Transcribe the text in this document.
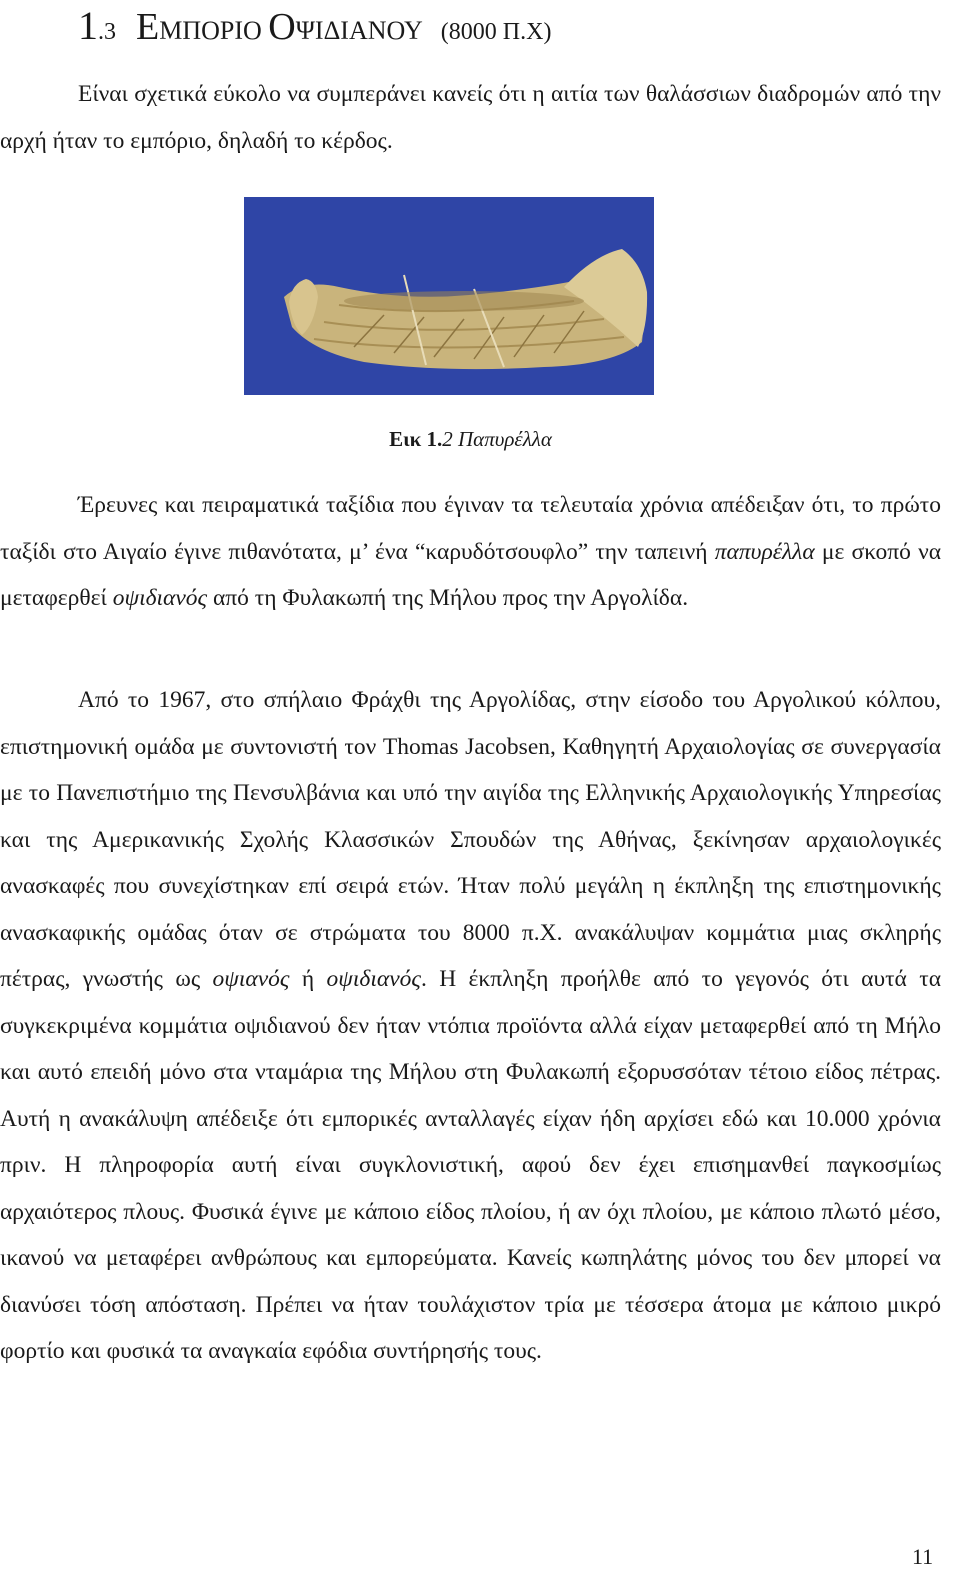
1.3 ΕΜΠΟΡΙΟ ΟΨΙΔΙΑΝΟΥ (8000 Π.Χ)

Είναι σχετικά εύκολο να συμπεράνει κανείς ότι η αιτία των θαλάσσιων διαδρομών από την αρχή ήταν το εμπόριο, δηλαδή το κέρδος.

Εικ 1.2 Παπυρέλλα

Έρευνες και πειραματικά ταξίδια που έγιναν τα τελευταία χρόνια απέδειξαν ότι, το πρώτο ταξίδι στο Αιγαίο έγινε πιθανότατα, μ’ ένα “καρυδότσουφλο” την ταπεινή παπυρέλλα με σκοπό να μεταφερθεί οψιδιανός από τη Φυλακωπή της Μήλου προς την Αργολίδα.

Από το 1967, στο σπήλαιο Φράχθι της Αργολίδας, στην είσοδο του Αργολικού κόλπου, επιστημονική ομάδα με συντονιστή τον Thomas Jacobsen, Καθηγητή Αρχαιολογίας σε συνεργασία με το Πανεπιστήμιο της Πενσυλβάνια και υπό την αιγίδα της Ελληνικής Αρχαιολογικής Υπηρεσίας και της Αμερικανικής Σχολής Κλασσικών Σπουδών της Αθήνας, ξεκίνησαν αρχαιολογικές ανασκαφές που συνεχίστηκαν επί σειρά ετών. Ήταν πολύ μεγάλη η έκπληξη της επιστημονικής ανασκαφικής ομάδας όταν σε στρώματα του 8000 π.Χ. ανακάλυψαν κομμάτια μιας σκληρής πέτρας, γνωστής ως οψιανός ή οψιδιανός. Η έκπληξη προήλθε από το γεγονός ότι αυτά τα συγκεκριμένα κομμάτια οψιδιανού δεν ήταν ντόπια προϊόντα αλλά είχαν μεταφερθεί από τη Μήλο και αυτό επειδή μόνο στα νταμάρια της Μήλου στη Φυλακωπή εξορυσσόταν τέτοιο είδος πέτρας. Αυτή η ανακάλυψη απέδειξε ότι εμπορικές ανταλλαγές είχαν ήδη αρχίσει εδώ και 10.000 χρόνια πριν. Η πληροφορία αυτή είναι συγκλονιστική, αφού δεν έχει επισημανθεί παγκοσμίως αρχαιότερος πλους. Φυσικά έγινε με κάποιο είδος πλοίου, ή αν όχι πλοίου, με κάποιο πλωτό μέσο, ικανού να μεταφέρει ανθρώπους και εμπορεύματα. Κανείς κωπηλάτης μόνος του δεν μπορεί να διανύσει τόση απόσταση. Πρέπει να ήταν τουλάχιστον τρία με τέσσερα άτομα με κάποιο μικρό φορτίο και φυσικά τα αναγκαία εφόδια συντήρησής τους.

11
